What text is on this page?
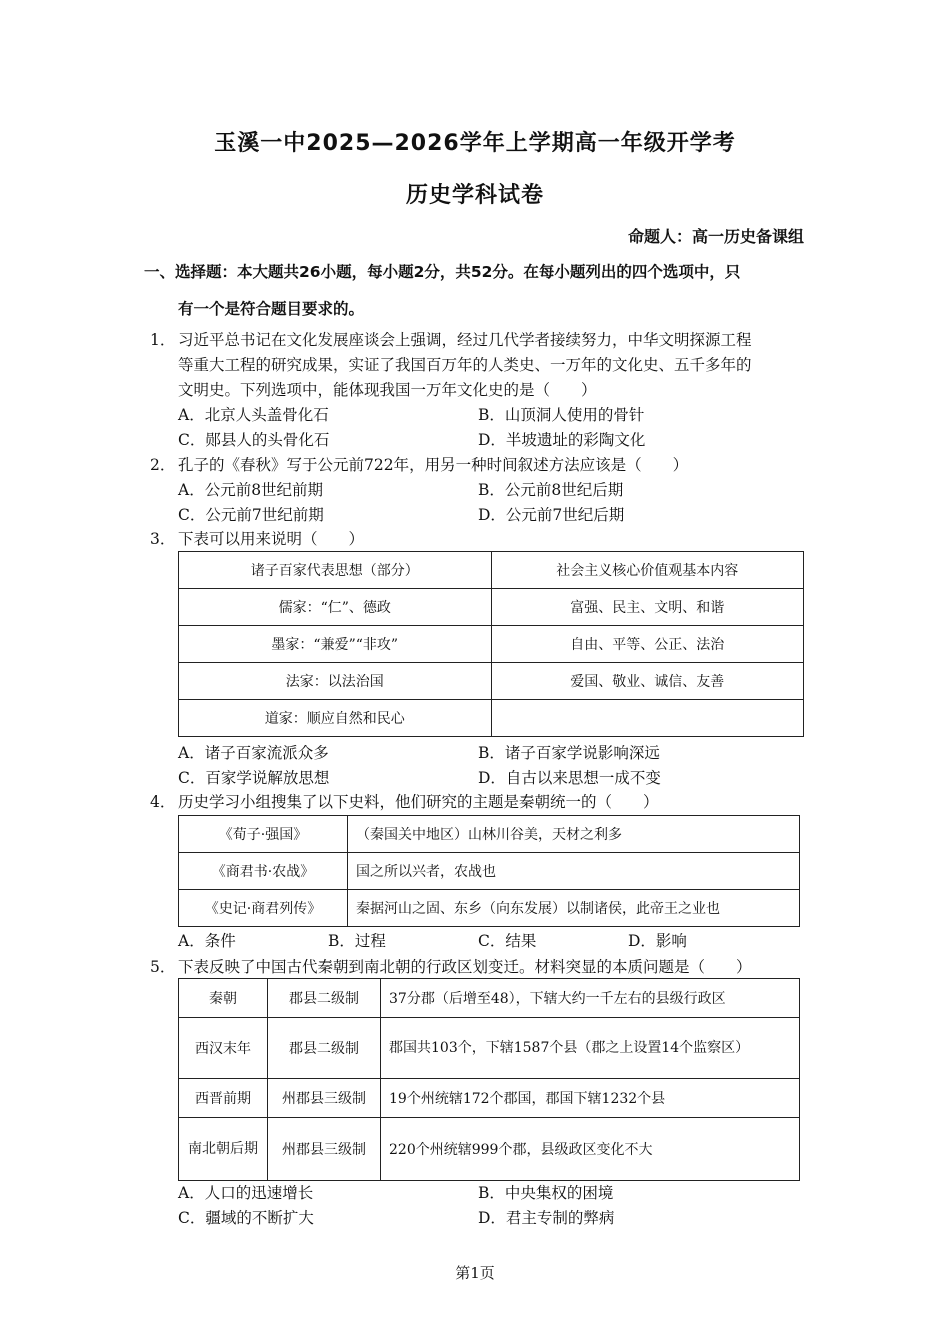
玉溪一中2025—2026学年上学期高一年级开学考
历史学科试卷
命题人：高一历史备课组
一、选择题：本大题共26小题，每小题2分，共52分。在每小题列出的四个选项中，只
有一个是符合题目要求的。
1． 习近平总书记在文化发展座谈会上强调，经过几代学者接续努力，中华文明探源工程
等重大工程的研究成果，实证了我国百万年的人类史、一万年的文化史、五千多年的
文明史。下列选项中，能体现我国一万年文化史的是（　　）
A．北京人头盖骨化石	B．山顶洞人使用的骨针
C．郧县人的头骨化石	D．半坡遗址的彩陶文化
2． 孔子的《春秋》写于公元前722年，用另一种时间叙述方法应该是（　　）
A．公元前8世纪前期	B．公元前8世纪后期
C．公元前7世纪前期	D．公元前7世纪后期
3． 下表可以用来说明（　　）
诸子百家代表思想（部分）	社会主义核心价值观基本内容
儒家：“仁”、德政	富强、民主、文明、和谐
墨家：“兼爱”“非攻”	自由、平等、公正、法治
法家：以法治国	爱国、敬业、诚信、友善
道家：顺应自然和民心	
A．诸子百家流派众多	B．诸子百家学说影响深远
C．百家学说解放思想	D．自古以来思想一成不变
4． 历史学习小组搜集了以下史料，他们研究的主题是秦朝统一的（　　）
《荀子·强国》	（秦国关中地区）山林川谷美，天材之利多
《商君书·农战》	国之所以兴者，农战也
《史记·商君列传》	秦据河山之固、东乡（向东发展）以制诸侯，此帝王之业也
A．条件	B．过程	C．结果	D．影响
5． 下表反映了中国古代秦朝到南北朝的行政区划变迁。材料突显的本质问题是（　　）
秦朝	郡县二级制	37分郡（后增至48），下辖大约一千左右的县级行政区
西汉末年	郡县二级制	郡国共103个，下辖1587个县（郡之上设置14个监察区）
西晋前期	州郡县三级制	19个州统辖172个郡国，郡国下辖1232个县
南北朝后期	州郡县三级制	220个州统辖999个郡，县级政区变化不大
A．人口的迅速增长	B．中央集权的困境
C．疆域的不断扩大	D．君主专制的弊病
第1页
